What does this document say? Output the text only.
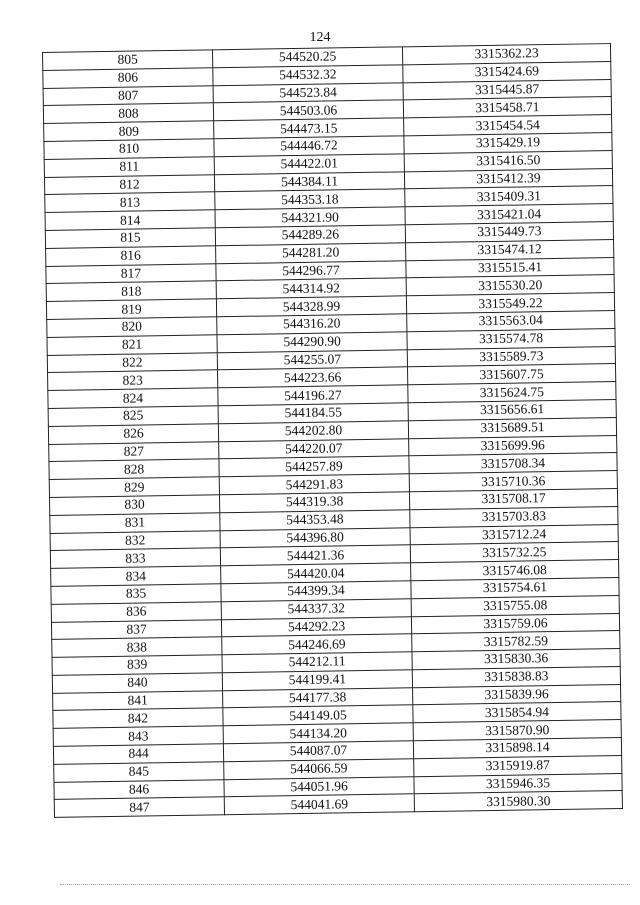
124
805	544520.25	3315362.23
806	544532.32	3315424.69
807	544523.84	3315445.87
808	544503.06	3315458.71
809	544473.15	3315454.54
810	544446.72	3315429.19
811	544422.01	3315416.50
812	544384.11	3315412.39
813	544353.18	3315409.31
814	544321.90	3315421.04
815	544289.26	3315449.73
816	544281.20	3315474.12
817	544296.77	3315515.41
818	544314.92	3315530.20
819	544328.99	3315549.22
820	544316.20	3315563.04
821	544290.90	3315574.78
822	544255.07	3315589.73
823	544223.66	3315607.75
824	544196.27	3315624.75
825	544184.55	3315656.61
826	544202.80	3315689.51
827	544220.07	3315699.96
828	544257.89	3315708.34
829	544291.83	3315710.36
830	544319.38	3315708.17
831	544353.48	3315703.83
832	544396.80	3315712.24
833	544421.36	3315732.25
834	544420.04	3315746.08
835	544399.34	3315754.61
836	544337.32	3315755.08
837	544292.23	3315759.06
838	544246.69	3315782.59
839	544212.11	3315830.36
840	544199.41	3315838.83
841	544177.38	3315839.96
842	544149.05	3315854.94
843	544134.20	3315870.90
844	544087.07	3315898.14
845	544066.59	3315919.87
846	544051.96	3315946.35
847	544041.69	3315980.30
